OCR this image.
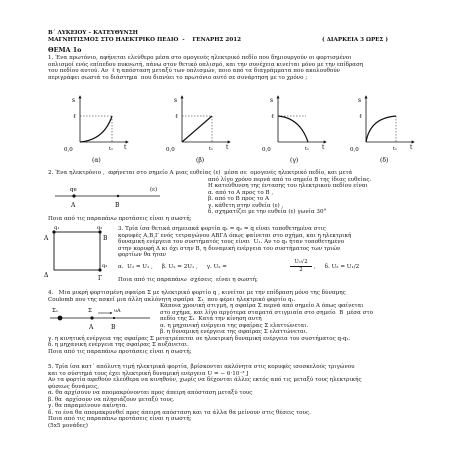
Β΄ ΛΥΚΕΙΟΥ – ΚΑΤΕΥΘΥΝΣΗ
ΜΑΓΝΗΤΙΣΜΟΣ ΣΤΟ ΗΛΕΚΤΡΙΚΟ ΠΕΔΙΟ  -    ΓΕΝΑΡΗΣ 2012	( ΔΙΑΡΚΕΙΑ 3 ΩΡΕΣ )
ΘΕΜΑ 1ο
1. Ένα πρωτόνιο, αφήνεται ελεύθερο μέσα στο ομογενές ηλεκτρικό πεδίο που δημιουργούν οι φορτισμένοι
οπλισμοί ενός επίπεδου πυκνωτή, πάνω στον θετικό οπλισμό, και την συνέχεια κινείται μόνο με την επίδραση
του πεδίου αυτού. Αν  ℓ η απόσταση μεταξύ των οπλισμών, ποιο από τα διαγράμματα που ακολουθούν
περιγράφει σωστά το διάστημα  που διανύει το πρωτόνιο αυτό σε συνάρτηση με το χρόνο ;
s
ℓ
t
t₁
0,0
(α)
s
ℓ
t
t₁
0,0
(β)
s
ℓ
t
t₁
0,0
(γ)
s
ℓ
t
t₁
0,0
(δ)
2. Ένα ηλεκτρόνιο ,  αφήνεται στο σημείο Α μιας ευθείας (ε)  μέσα σε  ομογενές ηλεκτρικό πεδίο, και μετά
από λίγο χρόνο περνά από το σημείο Β της ίδιας ευθείας.
Η κατεύθυνση της έντασης του ηλεκτρικού πεδίου είναι
α. από το Α προς το Β ,
β. από το Β προς το Α
γ. κάθετη στην ευθεία (ε) ,
δ. σχηματίζει με την ευθεία (ε) γωνία 30°
Ποια από τις παραπάνω προτάσεις είναι η σωστή;
qe	(ε)
A	B
3. Τρία ίσα θετικά σημειακά φορτία q₁ = q₂ = q είναι τοποθετημένα στις
κορυφές Α,Β,Γ ενός τετραγώνου ΑΒΓΔ όπως φαίνεται στο σχήμα, και η ηλεκτρική
δυναμική ενέργεια του συστήματός τους είναι  U₁. Αν το q₂ ήταν τοποθετημένο
στην κορυφή Δ κι όχι στην Β, η δυναμική ενέργεια του συστήματος των τριών
φορτίων θα ήταν
α.  U₂ = U₁ ,     β. U₂ = 2U₁ ,     γ. U₂ =
U₁√2
2	,     δ. U₂ = U₁/2
Ποια από τις παραπάνω  σχέσεις  είναι η σωστή;
q₁	q₂
q₃
A	B
Γ
Δ
4.   Μια μικρή φορτισμένη σφαίρα Σ με ηλεκτρικό φορτίο q , κινείται με την επίδραση μόνο της δύναμης
Coulomb που της ασκεί μια άλλη ακλόνητη σφαίρα  Σ₁  που φέρει ηλεκτρικό φορτίο q₁.
Κάποια χρονική στιγμή, η σφαίρα Σ περνά από σημείο Α όπως φαίνεται
στο σχήμα, και λίγο αργότερα σταματά στιγμιαία στο σημείο  Β  μέσα στο
πεδίο της Σ₁  Κατά την κίνηση αυτή
α. η μηχανική ενέργεια της σφαίρας Σ ελαττώνεται.
β. η δυναμική ενέργεια της σφαίρας Σ ελαττώνεται.
γ. η κινητική ενέργεια της σφαίρας Σ μετατρέπεται σε ηλεκτρική δυναμική ενέργεια του συστήματος q-q₁.
δ. η μηχανική ενέργεια της σφαίρας Σ αυξάνεται.
Ποια από τις παραπάνω προτάσεις είναι η σωστή;
Σ₁	Σ	υA
A	B
5. Τρία ίσα κατ΄ απόλυτη τιμή ηλεκτρικά φορτία, βρίσκονται ακλόνητα στις κορυφές ισοσκελούς τριγώνου
και το σύστημά τους έχει ηλεκτρική δυναμική ενέργεια U = − 6·10⁻³ J
Αν τα φορτία αφεθούν ελεύθερα να κινηθούν, χωρίς να δέχονται άλλες εκτός από τις μεταξύ τους ηλεκτρικής
φύσεως δυνάμεις,
α. θα αρχίσουν να απομακρύνονται προς άπειρη απόσταση μεταξύ τους
β. θα  αρχίσουν να πλησιάζουν μεταξύ τους.
γ. θα παραμείνουν ακίνητα.
δ. το ένα θα απομακρυνθεί προς άπειρη απόσταση και τα άλλα θα μείνουν στις θέσεις τους.
Ποια από τις παραπάνω προτάσεις είναι η σωστή;
(5x5 μονάδες)
